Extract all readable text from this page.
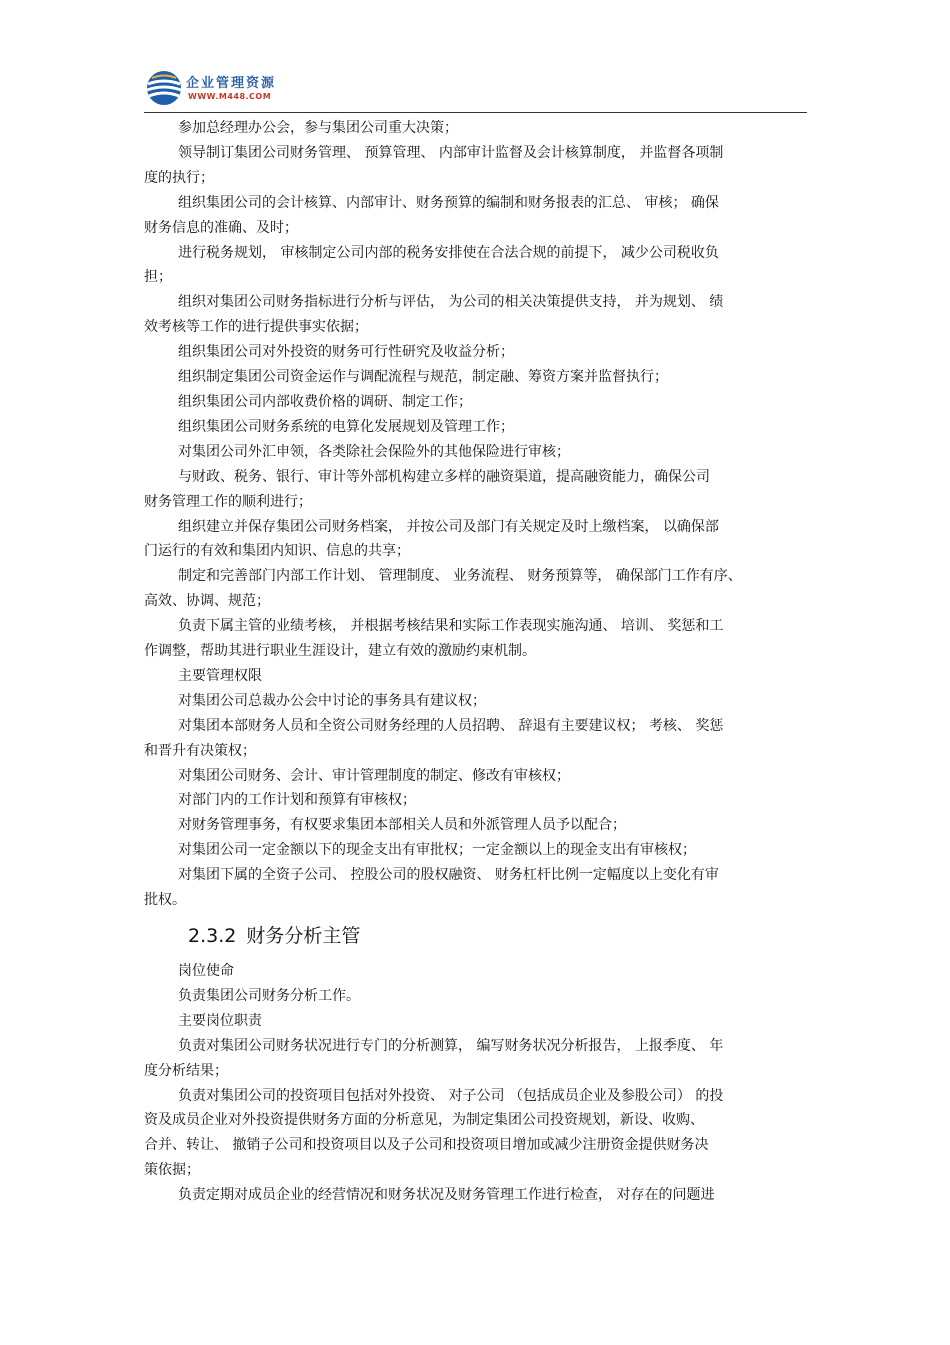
企业管理资源
WWW.M448.COM

参加总经理办公会，参与集团公司重大决策；

领导制订集团公司财务管理、 预算管理、 内部审计监督及会计核算制度， 并监督各项制

度的执行；

组织集团公司的会计核算、内部审计、财务预算的编制和财务报表的汇总、 审核； 确保

财务信息的准确、及时；

进行税务规划， 审核制定公司内部的税务安排使在合法合规的前提下， 减少公司税收负

担；

组织对集团公司财务指标进行分析与评估， 为公司的相关决策提供支持， 并为规划、 绩

效考核等工作的进行提供事实依据；

组织集团公司对外投资的财务可行性研究及收益分析；

组织制定集团公司资金运作与调配流程与规范，制定融、筹资方案并监督执行；

组织集团公司内部收费价格的调研、制定工作；

组织集团公司财务系统的电算化发展规划及管理工作；

对集团公司外汇申领，各类除社会保险外的其他保险进行审核；

与财政、税务、银行、审计等外部机构建立多样的融资渠道，提高融资能力，确保公司

财务管理工作的顺利进行；

组织建立并保存集团公司财务档案， 并按公司及部门有关规定及时上缴档案， 以确保部

门运行的有效和集团内知识、信息的共享；

制定和完善部门内部工作计划、 管理制度、 业务流程、 财务预算等， 确保部门工作有序、

高效、协调、规范；

负责下属主管的业绩考核， 并根据考核结果和实际工作表现实施沟通、 培训、 奖惩和工

作调整，帮助其进行职业生涯设计，建立有效的激励约束机制。

主要管理权限

对集团公司总裁办公会中讨论的事务具有建议权；

对集团本部财务人员和全资公司财务经理的人员招聘、 辞退有主要建议权； 考核、 奖惩

和晋升有决策权；

对集团公司财务、会计、审计管理制度的制定、修改有审核权；

对部门内的工作计划和预算有审核权；

对财务管理事务，有权要求集团本部相关人员和外派管理人员予以配合；

对集团公司一定金额以下的现金支出有审批权；一定金额以上的现金支出有审核权；

对集团下属的全资子公司、 控股公司的股权融资、 财务杠杆比例一定幅度以上变化有审

批权。

2.3.2 财务分析主管

岗位使命

负责集团公司财务分析工作。

主要岗位职责

负责对集团公司财务状况进行专门的分析测算， 编写财务状况分析报告， 上报季度、 年

度分析结果；

负责对集团公司的投资项目包括对外投资、 对子公司 （包括成员企业及参股公司） 的投

资及成员企业对外投资提供财务方面的分析意见，为制定集团公司投资规划，新设、收购、

合并、转让、 撤销子公司和投资项目以及子公司和投资项目增加或减少注册资金提供财务决

策依据；

负责定期对成员企业的经营情况和财务状况及财务管理工作进行检查， 对存在的问题进
